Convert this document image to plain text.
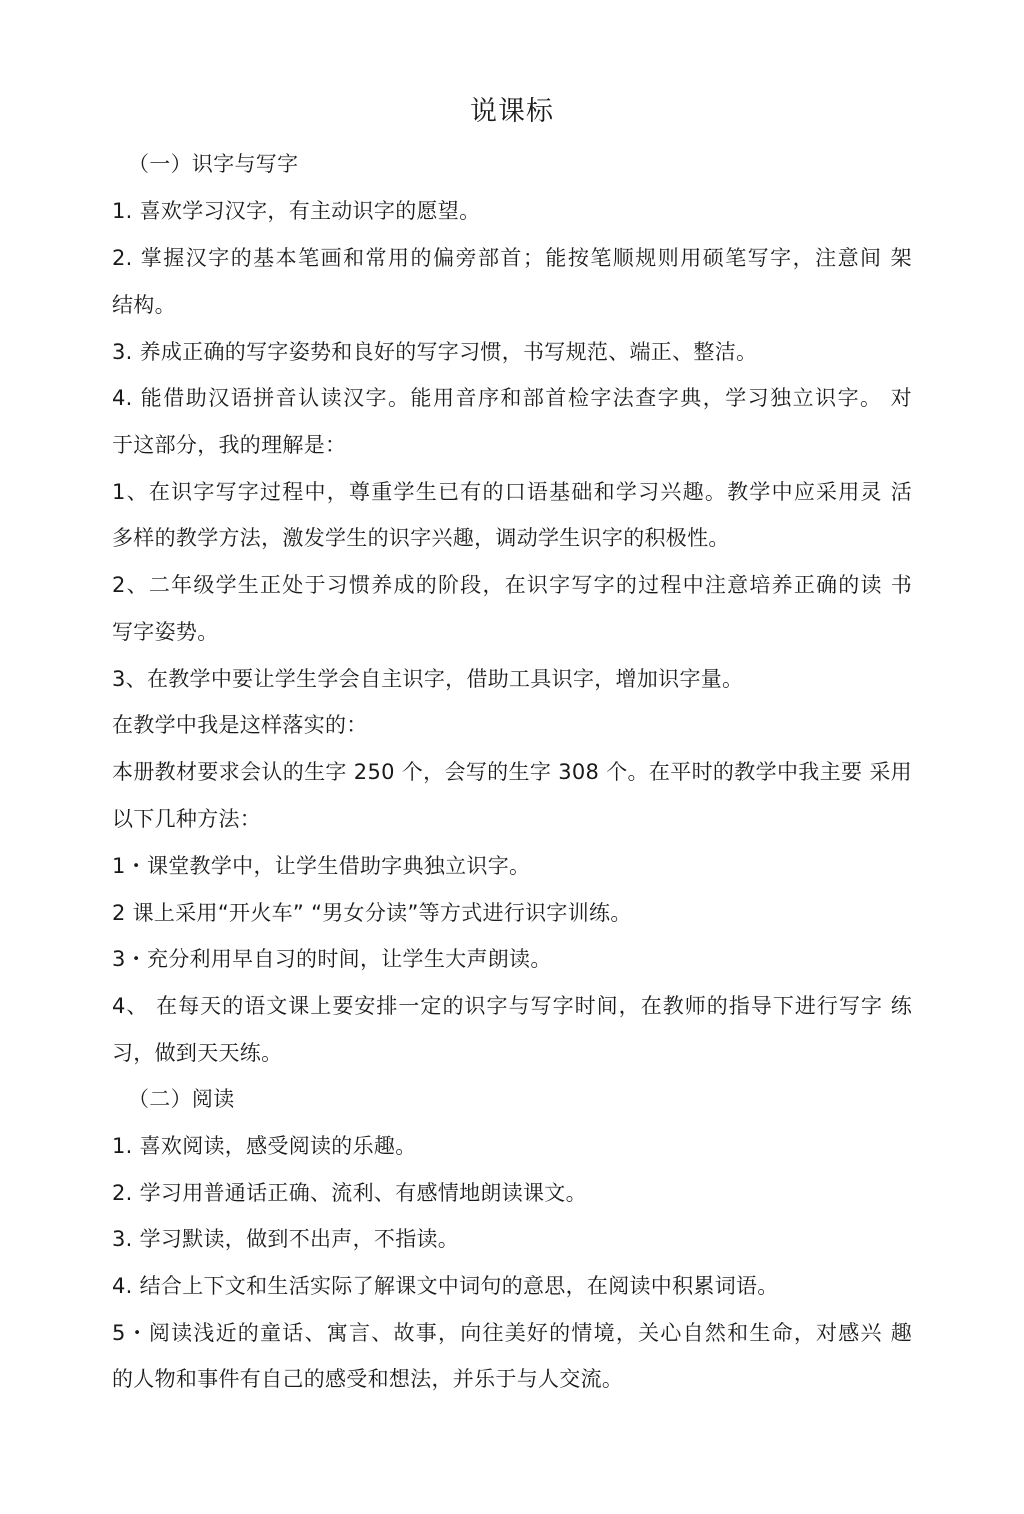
说课标
（一）识字与写字
1. 喜欢学习汉字，有主动识字的愿望。
2. 掌握汉字的基本笔画和常用的偏旁部首；能按笔顺规则用硕笔写字，注意间 架
结构。
3. 养成正确的写字姿势和良好的写字习惯，书写规范、端正、整洁。
4. 能借助汉语拼音认读汉字。能用音序和部首检字法查字典，学习独立识字。 对
于这部分，我的理解是：
1、在识字写字过程中，尊重学生已有的口语基础和学习兴趣。教学中应采用灵 活
多样的教学方法，激发学生的识字兴趣，调动学生识字的积极性。
2、二年级学生正处于习惯养成的阶段，在识字写字的过程中注意培养正确的读 书
写字姿势。
3、在教学中要让学生学会自主识字，借助工具识字，增加识字量。
在教学中我是这样落实的：
本册教材要求会认的生字 250 个，会写的生字 308 个。在平时的教学中我主要 采用
以下几种方法：
1・课堂教学中，让学生借助字典独立识字。
2 课上采用“开火车” “男女分读”等方式进行识字训练。
3・充分利用早自习的时间，让学生大声朗读。
4、 在每天的语文课上要安排一定的识字与写字时间，在教师的指导下进行写字 练
习，做到天天练。
（二）阅读
1. 喜欢阅读，感受阅读的乐趣。
2. 学习用普通话正确、流利、有感情地朗读课文。
3. 学习默读，做到不出声，不指读。
4. 结合上下文和生活实际了解课文中词句的意思，在阅读中积累词语。
5・阅读浅近的童话、寓言、故事，向往美好的情境，关心自然和生命，对感兴 趣
的人物和事件有自己的感受和想法，并乐于与人交流。
